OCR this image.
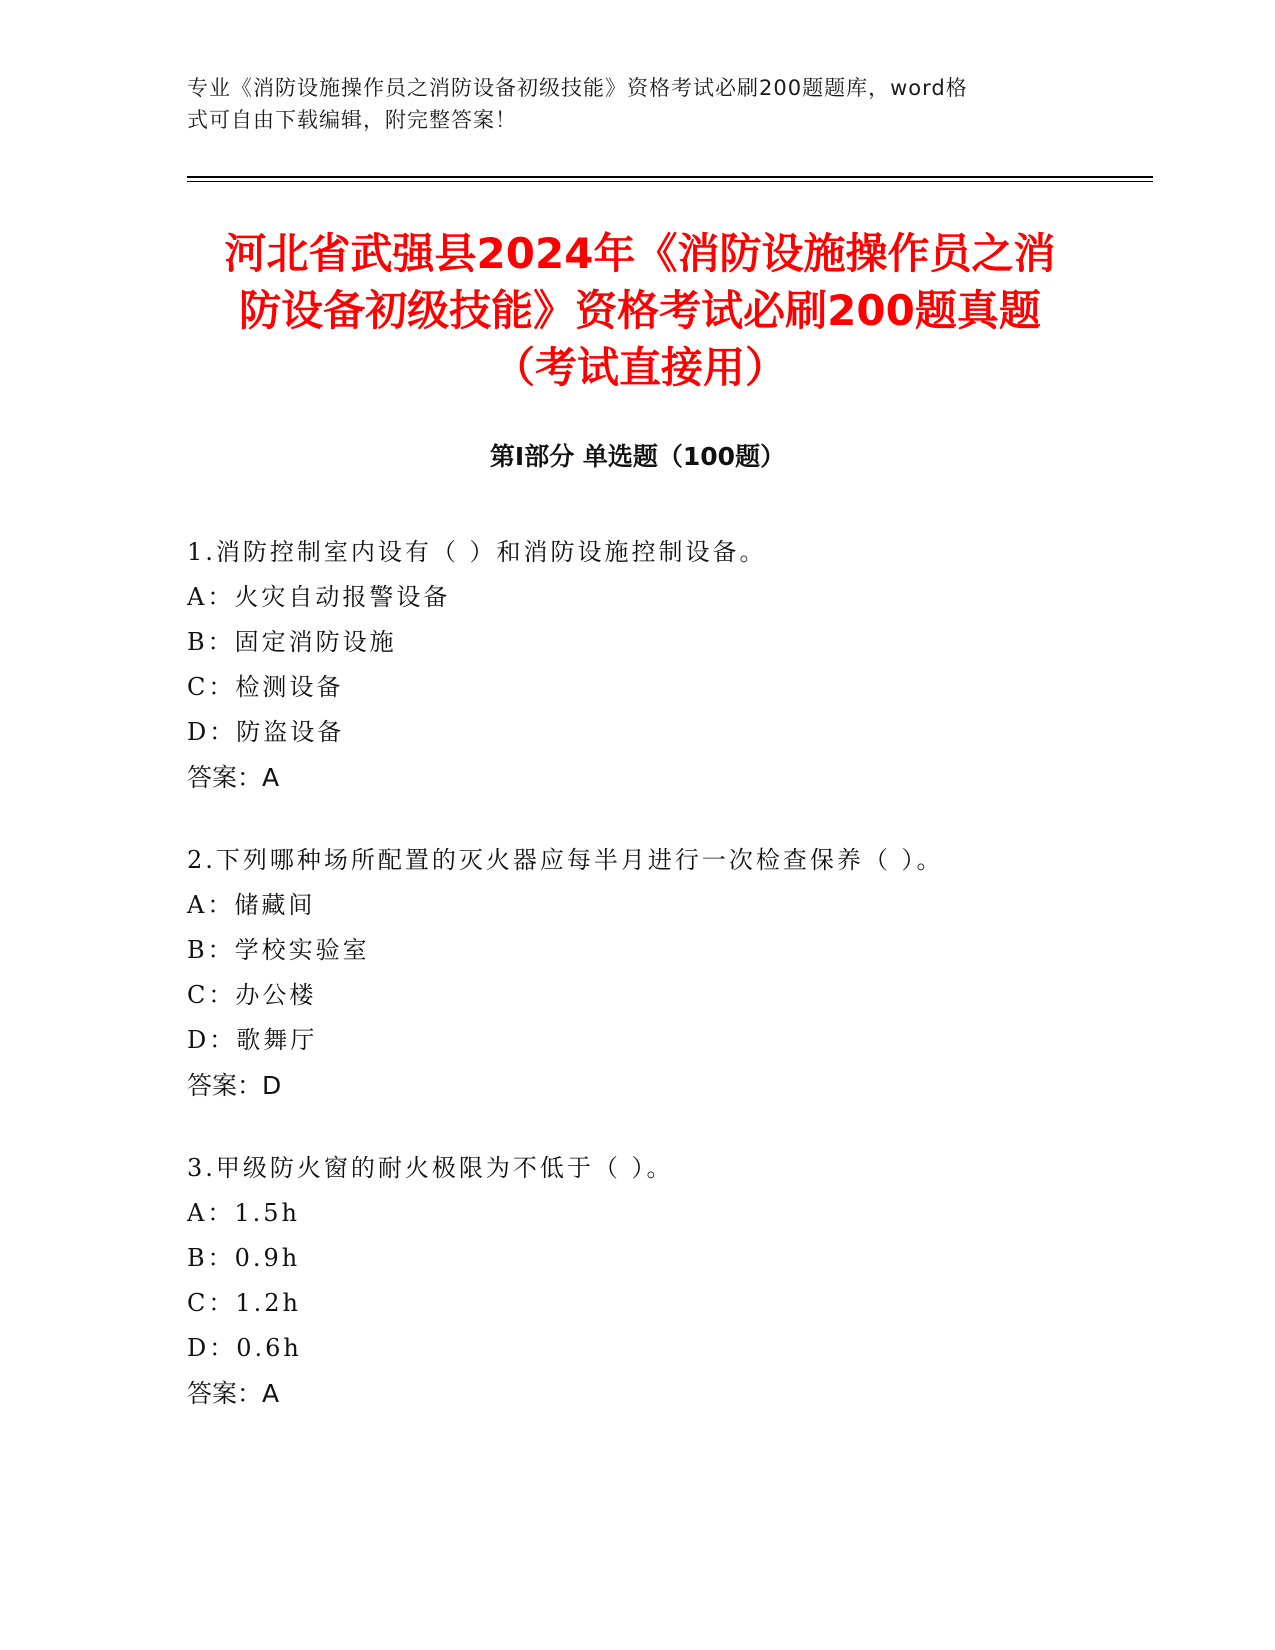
专业《消防设施操作员之消防设备初级技能》资格考试必刷200题题库，word格
式可自由下载编辑，附完整答案！
河北省武强县2024年《消防设施操作员之消
防设备初级技能》资格考试必刷200题真题
（考试直接用）
第I部分 单选题（100题）
1.消防控制室内设有（ ）和消防设施控制设备。
A：火灾自动报警设备
B：固定消防设施
C：检测设备
D：防盗设备
答案：A
2.下列哪种场所配置的灭火器应每半月进行一次检查保养（ ）。
A：储藏间
B：学校实验室
C：办公楼
D：歌舞厅
答案：D
3.甲级防火窗的耐火极限为不低于（ ）。
A：1.5h
B：0.9h
C：1.2h
D：0.6h
答案：A
